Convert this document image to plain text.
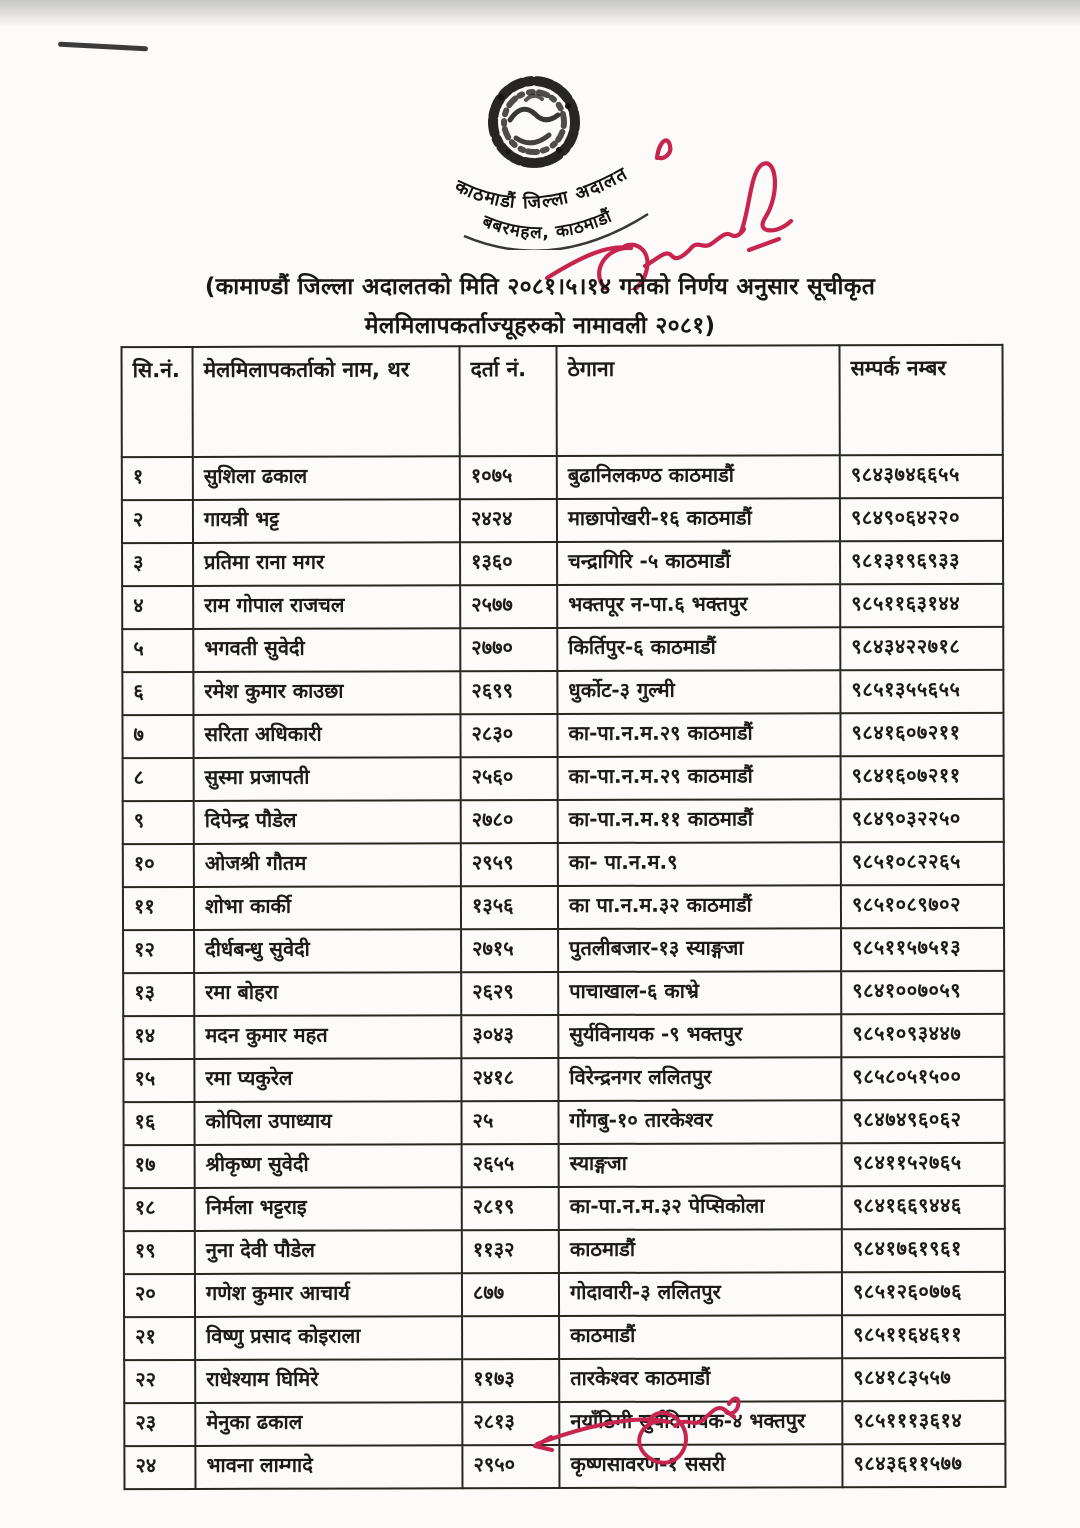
काठमाडौं जिल्ला अदालत
बबरमहल, काठमाडौं
(कामाण्डौं जिल्ला अदालतको मिति २०८१।५।१४ गतेको निर्णय अनुसार सूचीकृत
मेलमिलापकर्ताज्यूहरुको नामावली २०८१)
सि.नं.	मेलमिलापकर्ताको नाम, थर	दर्ता नं.	ठेगाना	सम्पर्क नम्बर
१	सुशिला ढकाल	१०७५	बुढानिलकण्ठ काठमाडौं	९८४३७४६६५५
२	गायत्री भट्ट	२४२४	माछापोखरी-१६ काठमाडौं	९८४९०६४२२०
३	प्रतिमा राना मगर	१३६०	चन्द्रागिरि -५ काठमाडौं	९८१३१९६९३३
४	राम गोपाल राजचल	२५७७	भक्तपूर न-पा.६ भक्तपुर	९८५११६३१४४
५	भगवती सुवेदी	२७७०	किर्तिपुर-६ काठमाडौं	९८४३४२२७१८
६	रमेश कुमार काउछा	२६९९	धुर्कोट-३ गुल्मी	९८५१३५५६५५
७	सरिता अधिकारी	२८३०	का-पा.न.म.२९ काठमाडौं	९८४१६०७२११
८	सुस्मा प्रजापती	२५६०	का-पा.न.म.२९ काठमाडौं	९८४१६०७२११
९	दिपेन्द्र पौडेल	२७८०	का-पा.न.म.११ काठमाडौं	९८४९०३२२५०
१०	ओजश्री गौतम	२९५९	का- पा.न.म.९	९८५१०८२२६५
११	शोभा कार्की	१३५६	का पा.न.म.३२ काठमाडौं	९८५१०८९७०२
१२	दीर्धबन्धु सुवेदी	२७१५	पुतलीबजार-१३ स्याङ्गजा	९८५११५७५१३
१३	रमा बोहरा	२६२९	पाचाखाल-६ काभ्रे	९८४१००७०५९
१४	मदन कुमार महत	३०४३	सुर्यविनायक -९ भक्तपुर	९८५१०९३४४७
१५	रमा प्यकुरेल	२४१८	विरेन्द्रनगर ललितपुर	९८५८०५१५००
१६	कोपिला उपाध्याय	२५	गोंगबु-१० तारकेश्वर	९८४७४९६०६२
१७	श्रीकृष्ण सुवेदी	२६५५	स्याङ्गजा	९८४११५२७६५
१८	निर्मला भट्टराइ	२८१९	का-पा.न.म.३२ पेप्सिकोला	९८४१६६९४४६
१९	नुना देवी पौडेल	११३२	काठमाडौं	९८४१७६१९६१
२०	गणेश कुमार आचार्य	८७७	गोदावारी-३ ललितपुर	९८५१२६०७७६
२१	विष्णु प्रसाद कोइराला		काठमाडौं	९८५११६४६११
२२	राधेश्याम घिमिरे	११७३	तारकेश्वर काठमाडौं	९८४१८३५५७
२३	मेनुका ढकाल	२८१३	नयाँठिमी सुर्यविनायक-४ भक्तपुर	९८५१११३६१४
२४	भावना लाम्गादे	२९५०	कृष्णसावरण-१ ससरी	९८४३६११५७७
